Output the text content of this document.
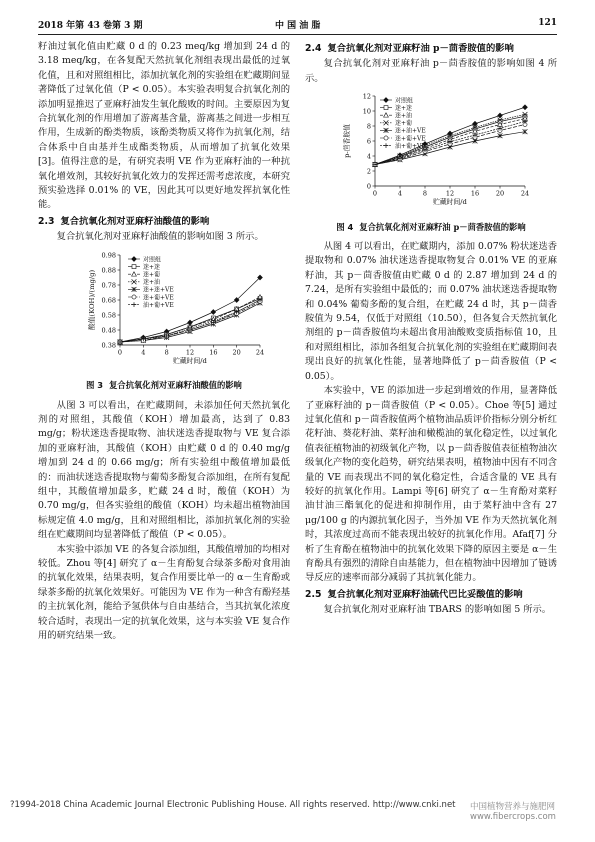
2018 年第 43 卷第 3 期	中 国 油 脂	121

籽油过氧化值由贮藏 0 d 的 0.23 meq/kg 增加到 24 d 的 3.18 meq/kg，在各复配天然抗氧化剂组表现出最低的过氧化值，且和对照组相比，添加抗氧化剂的实验组在贮藏期间显著降低了过氧化值（P < 0.05）。本实验表明复合抗氧化剂的添加明显推迟了亚麻籽油发生氧化酸败的时间。主要原因为复合抗氧化剂的作用增加了游离基含量，游离基之间进一步相互作用，生成新的酚类物质，该酚类物质又将作为抗氧化剂，结合体系中自由基并生成酯类物质，从而增加了抗氧化效果[3]。值得注意的是，有研究表明 VE 作为亚麻籽油的一种抗氧化增效剂，其较好抗氧化效力的发挥还需考虑浓度，本研究预实验选择 0.01% 的 VE，因此其可以更好地发挥抗氧化性能。

2.3 复合抗氧化剂对亚麻籽油酸值的影响

复合抗氧化剂对亚麻籽油酸值的影响如图 3 所示。

0.38
0.48
0.58
0.68
0.78
0.88
0.98
0	4	8	12 16 20 24
贮藏时间/d
酸值(KOH)/(mg/g)
对照组
迷+迷
迷+葡
迷+油
迷+迷+VE
迷+葡+VE
油+葡+VE
图 3 复合抗氧化剂对亚麻籽油酸值的影响

从图 3 可以看出，在贮藏期间，未添加任何天然抗氧化剂的对照组，其酸值（KOH）增加最高，达到了 0.83 mg/g；粉状迷迭香提取物、油状迷迭香提取物与 VE 复合添加的亚麻籽油，其酸值（KOH）由贮藏 0 d 的 0.40 mg/g 增加到 24 d 的 0.66 mg/g；所有实验组中酸值增加最低的：而油状迷迭香提取物与葡萄多酚复合添加组，在所有复配组中，其酸值增加最多，贮藏 24 d 时，酸值（KOH）为 0.70 mg/g，但各实验组的酸值（KOH）均未超出植物油国标规定值 4.0 mg/g，且和对照组相比，添加抗氧化剂的实验组在贮藏期间均显著降低了酸值（P < 0.05）。

本实验中添加 VE 的各复合添加组，其酸值增加的均相对较低。Zhou 等[4] 研究了 α－生育酚复合绿茶多酚对食用油的抗氧化效果，结果表明，复合作用要比单一的 α－生育酚或绿茶多酚的抗氧化效果好。可能因为 VE 作为一种含有酚羟基的主抗氧化剂，能给予氢供体与自由基结合，当其抗氧化浓度较合适时，表现出一定的抗氧化效果，这与本实验 VE 复合作用的研究结果一致。

2.4 复合抗氧化剂对亚麻籽油 p－茴香胺值的影响

复合抗氧化剂对亚麻籽油 p－茴香胺值的影响如图 4 所示。

0
2
4
6
8
10
12
0	4	8	12	16	20	24
贮藏时间/d
p-茴香胺值
对照组
迷+迷
迷+油
迷+葡
迷+油+VE
迷+葡+VE
油+葡+VE
图 4 复合抗氧化剂对亚麻籽油 p－茴香胺值的影响

从图 4 可以看出，在贮藏期内，添加 0.07% 粉状迷迭香提取物和 0.07% 油状迷迭香提取物复合 0.01% VE 的亚麻籽油，其 p－茴香胺值由贮藏 0 d 的 2.87 增加到 24 d 的 7.24，是所有实验组中最低的；而 0.07% 油状迷迭香提取物和 0.04% 葡萄多酚的复合组，在贮藏 24 d 时，其 p－茴香胺值为 9.54，仅低于对照组（10.50），但各复合天然抗氧化剂组的 p－茴香胺值均未超出食用油酸败变质指标值 10，且和对照组相比，添加各组复合抗氧化剂的实验组在贮藏期间表现出良好的抗氧化性能，显著地降低了 p－茴香胺值（P < 0.05）。

本实验中，VE 的添加进一步起到增效的作用，显著降低了亚麻籽油的 p－茴香胺值（P < 0.05）。Choe 等[5] 通过过氧化值和 p－茴香胺值两个植物油品质评价指标分别分析红花籽油、葵花籽油、菜籽油和橄榄油的氧化稳定性，以过氧化值表征植物油的初级氧化产物，以 p－茴香胺值表征植物油次级氧化产物的变化趋势，研究结果表明，植物油中因有不同含量的 VE 而表现出不同的氧化稳定性，合适含量的 VE 具有较好的抗氧化作用。Lampi 等[6] 研究了 α－生育酚对菜籽油甘油三酯氧化的促进和抑制作用，由于菜籽油中含有 27 μg/100 g 的内源抗氧化因子，当外加 VE 作为天然抗氧化剂时，其浓度过高而不能表现出较好的抗氧化作用。Afaf[7] 分析了生育酚在植物油中的抗氧化效果下降的原因主要是 α－生育酚具有强烈的清除自由基能力，但在植物油中因增加了链诱导反应的速率而部分减弱了其抗氧化能力。

2.5 复合抗氧化剂对亚麻籽油硫代巴比妥酸值的影响

复合抗氧化剂对亚麻籽油 TBARS 的影响如图 5 所示。

?1994-2018 China Academic Journal Electronic Publishing House. All rights reserved. http://www.cnki.net 中国植物营养与施肥网 www.fibercrops.com
